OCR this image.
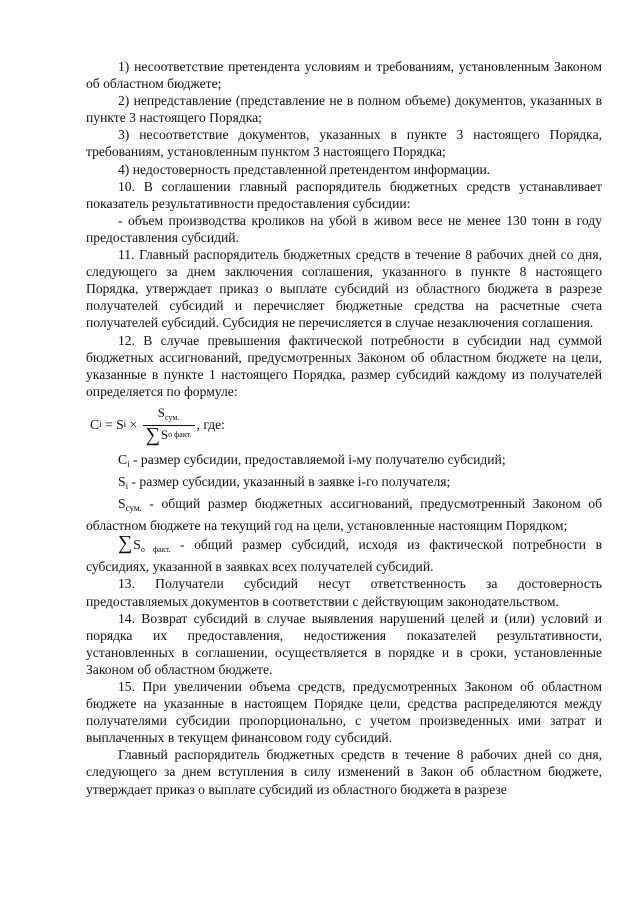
1) несоответствие претендента условиям и требованиям, установленным Законом об областном бюджете;

2) непредставление (представление не в полном объеме) документов, указанных в пункте 3 настоящего Порядка;

3) несоответствие документов, указанных в пункте 3 настоящего Порядка, требованиям, установленным пунктом 3 настоящего Порядка;

4) недостоверность представленной претендентом информации.

10. В соглашении главный распорядитель бюджетных средств устанавливает показатель результативности предоставления субсидии:

- объем производства кроликов на убой в живом весе не менее 130 тонн в году предоставления субсидий.

11. Главный распорядитель бюджетных средств в течение 8 рабочих дней со дня, следующего за днем заключения соглашения, указанного в пункте 8 настоящего Порядка, утверждает приказ о выплате субсидий из областного бюджета в разрезе получателей субсидий и перечисляет бюджетные средства на расчетные счета получателей субсидий. Субсидия не перечисляется в случае незаключения соглашения.

12. В случае превышения фактической потребности в субсидии над суммой бюджетных ассигнований, предусмотренных Законом об областном бюджете на цели, указанные в пункте 1 настоящего Порядка, размер субсидий каждому из получателей определяется по формуле:

C i = S $i \times \frac{S_{сум.}}{\text{∑ S о факт.}}$ , где:

$C_i$ - размер субсидии, предоставляемой i-му получателю субсидий;

$S_i$ - размер субсидии, указанный в заявке i-го получателя;

$S_{сум.}$ - общий размер бюджетных ассигнований, предусмотренный Законом об областном бюджете на текущий год на цели, установленные настоящим Порядком;

$\sum S_{о факт.}$ - общий размер субсидий, исходя из фактической потребности в субсидиях, указанной в заявках всех получателей субсидий.

13. Получатели субсидий несут ответственность за достоверность предоставляемых документов в соответствии с действующим законодательством.

14. Возврат субсидий в случае выявления нарушений целей и (или) условий и порядка их предоставления, недостижения показателей результативности, установленных в соглашении, осуществляется в порядке и в сроки, установленные Законом об областном бюджете.

15. При увеличении объема средств, предусмотренных Законом об областном бюджете на указанные в настоящем Порядке цели, средства распределяются между получателями субсидии пропорционально, с учетом произведенных ими затрат и выплаченных в текущем финансовом году субсидий.

Главный распорядитель бюджетных средств в течение 8 рабочих дней со дня, следующего за днем вступления в силу изменений в Закон об областном бюджете, утверждает приказ о выплате субсидий из областного бюджета в разрезе
